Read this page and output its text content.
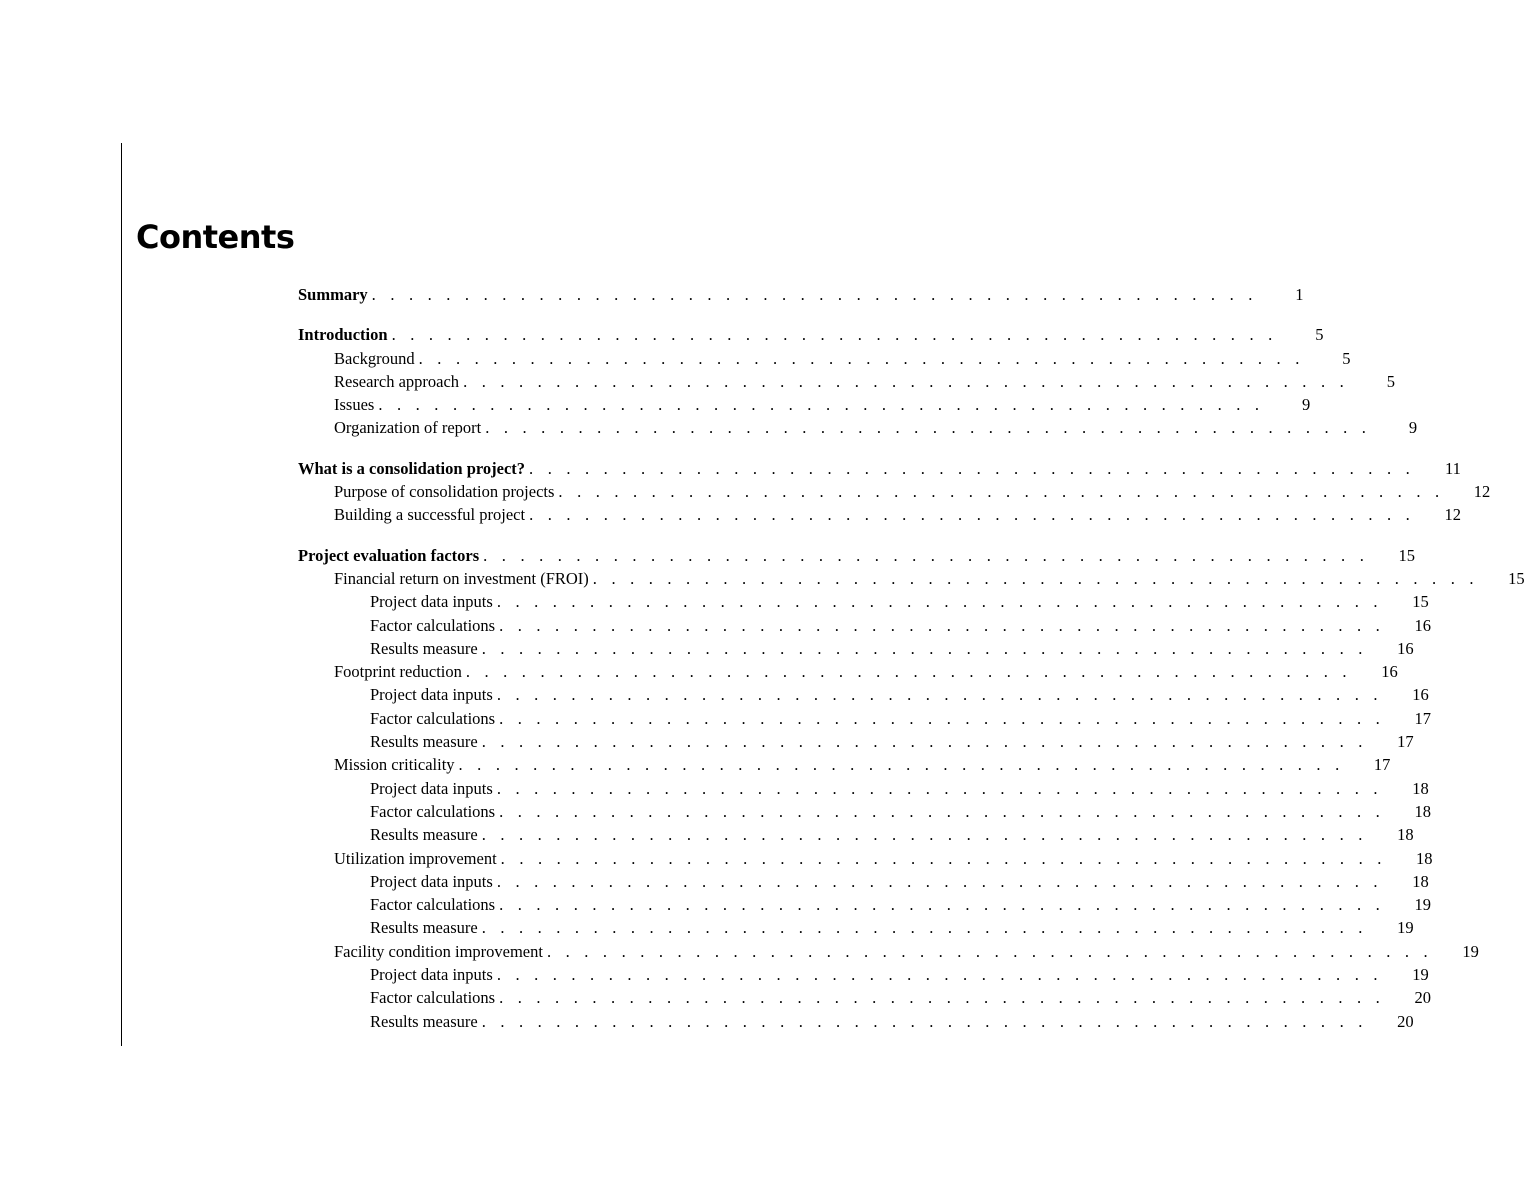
Contents
Summary . . . . . . . . . . . . . . . . . . . . . . . . . . . . . . . . . . . . . . . . . . . . . . . .	1
Introduction . . . . . . . . . . . . . . . . . . . . . . . . . . . . . . . . . . . . . . . . . . . . . . . .	5
Background . . . . . . . . . . . . . . . . . . . . . . . . . . . . . . . . . . . . . . . . . . . . . . . .	5
Research approach . . . . . . . . . . . . . . . . . . . . . . . . . . . . . . . . . . . . . . . . . . . . . . . .	5
Issues . . . . . . . . . . . . . . . . . . . . . . . . . . . . . . . . . . . . . . . . . . . . . . . .	9
Organization of report . . . . . . . . . . . . . . . . . . . . . . . . . . . . . . . . . . . . . . . . . . . . . . . .	9
What is a consolidation project? . . . . . . . . . . . . . . . . . . . . . . . . . . . . . . . . . . . . . . . . . . . . . . . . 11
Purpose of consolidation projects . . . . . . . . . . . . . . . . . . . . . . . . . . . . . . . . . . . . . . . . . . . . . . . . 12
Building a successful project . . . . . . . . . . . . . . . . . . . . . . . . . . . . . . . . . . . . . . . . . . . . . . . . 12
Project evaluation factors . . . . . . . . . . . . . . . . . . . . . . . . . . . . . . . . . . . . . . . . . . . . . . . . 15
Financial return on investment (FROI) . . . . . . . . . . . . . . . . . . . . . . . . . . . . . . . . . . . . . . . . . . . . . . . . 15
Project data inputs . . . . . . . . . . . . . . . . . . . . . . . . . . . . . . . . . . . . . . . . . . . . . . . . 15
Factor calculations . . . . . . . . . . . . . . . . . . . . . . . . . . . . . . . . . . . . . . . . . . . . . . . . 16
Results measure . . . . . . . . . . . . . . . . . . . . . . . . . . . . . . . . . . . . . . . . . . . . . . . . 16
Footprint reduction . . . . . . . . . . . . . . . . . . . . . . . . . . . . . . . . . . . . . . . . . . . . . . . . 16
Project data inputs . . . . . . . . . . . . . . . . . . . . . . . . . . . . . . . . . . . . . . . . . . . . . . . . 16
Factor calculations . . . . . . . . . . . . . . . . . . . . . . . . . . . . . . . . . . . . . . . . . . . . . . . . 17
Results measure . . . . . . . . . . . . . . . . . . . . . . . . . . . . . . . . . . . . . . . . . . . . . . . . 17
Mission criticality . . . . . . . . . . . . . . . . . . . . . . . . . . . . . . . . . . . . . . . . . . . . . . . . 17
Project data inputs . . . . . . . . . . . . . . . . . . . . . . . . . . . . . . . . . . . . . . . . . . . . . . . . 18
Factor calculations . . . . . . . . . . . . . . . . . . . . . . . . . . . . . . . . . . . . . . . . . . . . . . . . 18
Results measure . . . . . . . . . . . . . . . . . . . . . . . . . . . . . . . . . . . . . . . . . . . . . . . . 18
Utilization improvement . . . . . . . . . . . . . . . . . . . . . . . . . . . . . . . . . . . . . . . . . . . . . . . . 18
Project data inputs . . . . . . . . . . . . . . . . . . . . . . . . . . . . . . . . . . . . . . . . . . . . . . . . 18
Factor calculations . . . . . . . . . . . . . . . . . . . . . . . . . . . . . . . . . . . . . . . . . . . . . . . . 19
Results measure . . . . . . . . . . . . . . . . . . . . . . . . . . . . . . . . . . . . . . . . . . . . . . . . 19
Facility condition improvement . . . . . . . . . . . . . . . . . . . . . . . . . . . . . . . . . . . . . . . . . . . . . . . . 19
Project data inputs . . . . . . . . . . . . . . . . . . . . . . . . . . . . . . . . . . . . . . . . . . . . . . . . 19
Factor calculations . . . . . . . . . . . . . . . . . . . . . . . . . . . . . . . . . . . . . . . . . . . . . . . . 20
Results measure . . . . . . . . . . . . . . . . . . . . . . . . . . . . . . . . . . . . . . . . . . . . . . . . 20
